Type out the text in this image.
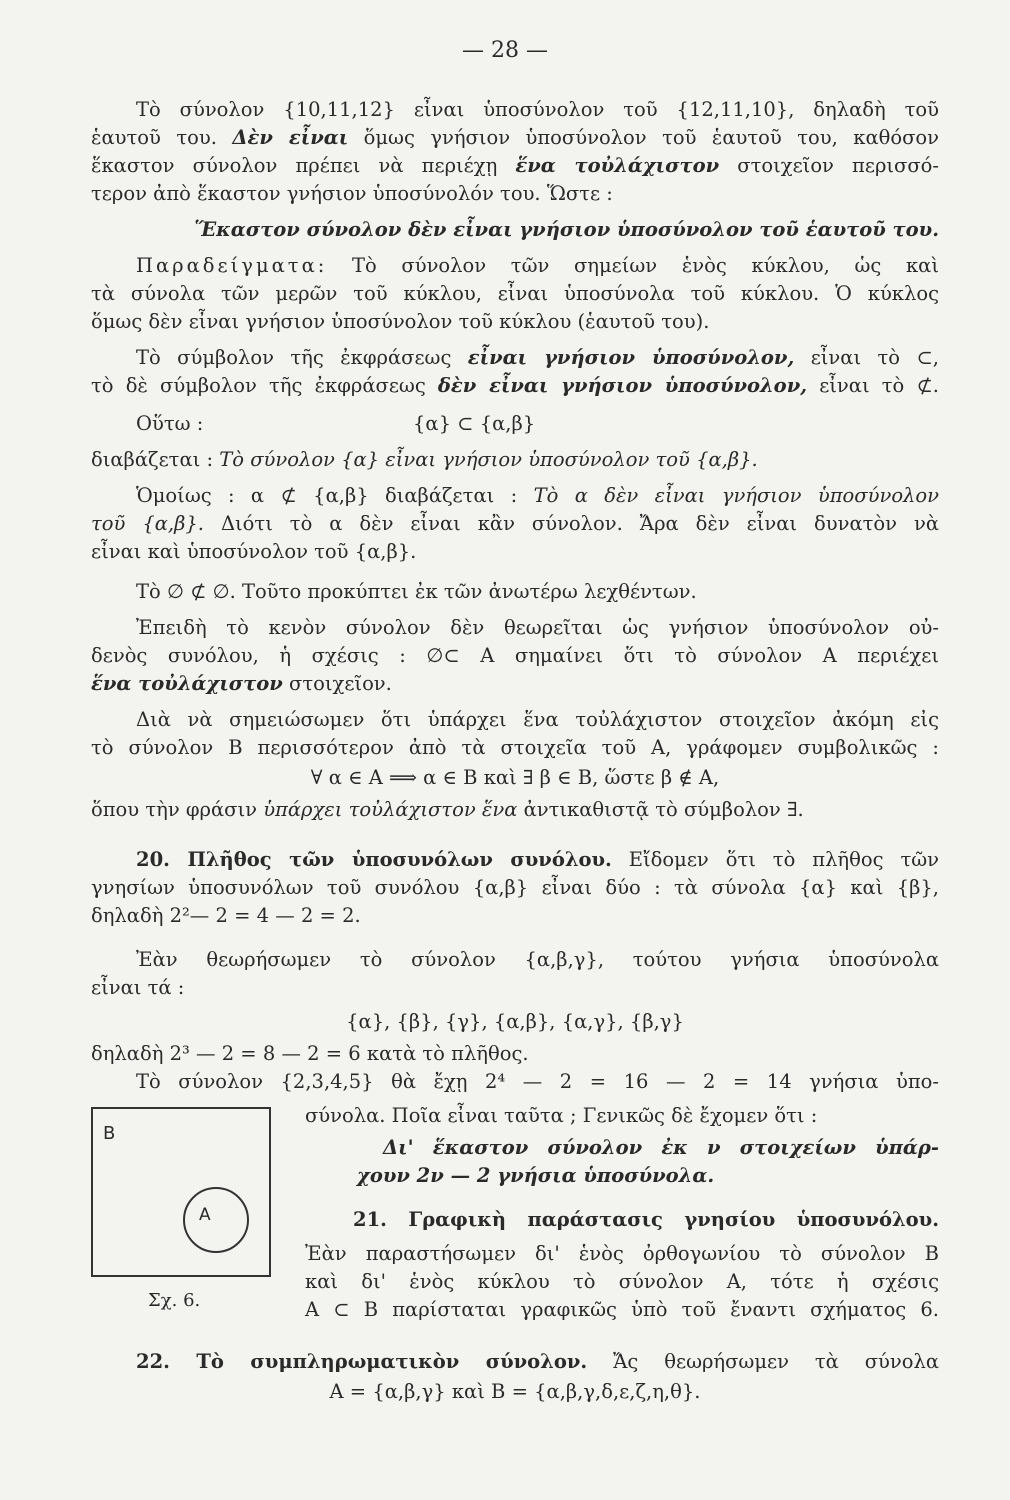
— 28 —
Τὸ σύνολον {10,11,12} εἶναι ὑποσύνολον τοῦ {12,11,10}, δηλαδὴ τοῦ
ἑαυτοῦ του. Δὲν εἶναι ὅμως γνήσιον ὑποσύνολον τοῦ ἑαυτοῦ του, καθόσον
ἕκαστον σύνολον πρέπει νὰ περιέχῃ ἕνα τοὐλάχιστον στοιχεῖον περισσό-
τερον ἀπὸ ἕκαστον γνήσιον ὑποσύνολόν του. Ὥστε :
Ἕκαστον σύνολον δὲν εἶναι γνήσιον ὑποσύνολον τοῦ ἑαυτοῦ του.
Παραδείγματα: Τὸ σύνολον τῶν σημείων ἑνὸς κύκλου, ὡς καὶ
τὰ σύνολα τῶν μερῶν τοῦ κύκλου, εἶναι ὑποσύνολα τοῦ κύκλου. Ὁ κύκλος
ὅμως δὲν εἶναι γνήσιον ὑποσύνολον τοῦ κύκλου (ἑαυτοῦ του).
Τὸ σύμβολον τῆς ἐκφράσεως εἶναι γνήσιον ὑποσύνολον, εἶναι τὸ ⊂,
τὸ δὲ σύμβολον τῆς ἐκφράσεως δὲν εἶναι γνήσιον ὑποσύνολον, εἶναι τὸ ⊄.
Οὕτω :	{α} ⊂ {α,β}
διαβάζεται : Τὸ σύνολον {α} εἶναι γνήσιον ὑποσύνολον τοῦ {α,β}.
Ὁμοίως : α ⊄ {α,β} διαβάζεται : Τὸ α δὲν εἶναι γνήσιον ὑποσύνολον
τοῦ {α,β}. Διότι τὸ α δὲν εἶναι κἂν σύνολον. Ἄρα δὲν εἶναι δυνατὸν νὰ
εἶναι καὶ ὑποσύνολον τοῦ {α,β}.
Τὸ ∅ ⊄ ∅. Τοῦτο προκύπτει ἐκ τῶν ἀνωτέρω λεχθέντων.
Ἐπειδὴ τὸ κενὸν σύνολον δὲν θεωρεῖται ὡς γνήσιον ὑποσύνολον οὐ-
δενὸς συνόλου, ἡ σχέσις : ∅⊂ A σημαίνει ὅτι τὸ σύνολον A περιέχει
ἕνα τοὐλάχιστον στοιχεῖον.
Διὰ νὰ σημειώσωμεν ὅτι ὑπάρχει ἕνα τοὐλάχιστον στοιχεῖον ἀκόμη εἰς
τὸ σύνολον B περισσότερον ἀπὸ τὰ στοιχεῖα τοῦ A, γράφομεν συμβολικῶς :
∀ α ∈ A ⟹ α ∈ B καὶ ∃ β ∈ B, ὥστε β ∉ A,
ὅπου τὴν φράσιν ὑπάρχει τοὐλάχιστον ἕνα ἀντικαθιστᾷ τὸ σύμβολον ∃.
20. Πλῆθος τῶν ὑποσυνόλων συνόλου. Εἴδομεν ὅτι τὸ πλῆθος τῶν
γνησίων ὑποσυνόλων τοῦ συνόλου {α,β} εἶναι δύο : τὰ σύνολα {α} καὶ {β},
δηλαδὴ 2²— 2 = 4 — 2 = 2.
Ἐὰν θεωρήσωμεν τὸ σύνολον {α,β,γ}, τούτου γνήσια ὑποσύνολα
εἶναι τά :
{α}, {β}, {γ}, {α,β}, {α,γ}, {β,γ}
δηλαδὴ 2³ — 2 = 8 — 2 = 6 κατὰ τὸ πλῆθος.
Τὸ σύνολον {2,3,4,5} θὰ ἔχῃ 2⁴ — 2 = 16 — 2 = 14 γνήσια ὑπο-
B
A
Σχ. 6.
σύνολα. Ποῖα εἶναι ταῦτα ; Γενικῶς δὲ ἔχομεν ὅτι :
Δι' ἕκαστον σύνολον ἐκ ν στοιχείων ὑπάρ-
χουν 2ν — 2 γνήσια ὑποσύνολα.
21. Γραφικὴ παράστασις γνησίου ὑποσυνόλου.
Ἐὰν παραστήσωμεν δι' ἑνὸς ὀρθογωνίου τὸ σύνολον B
καὶ δι' ἑνὸς κύκλου τὸ σύνολον A, τότε ἡ σχέσις
A ⊂ B παρίσταται γραφικῶς ὑπὸ τοῦ ἔναντι σχήματος 6.
22. Τὸ συμπληρωματικὸν σύνολον. Ἄς θεωρήσωμεν τὰ σύνολα
A = {α,β,γ} καὶ B = {α,β,γ,δ,ε,ζ,η,θ}.
